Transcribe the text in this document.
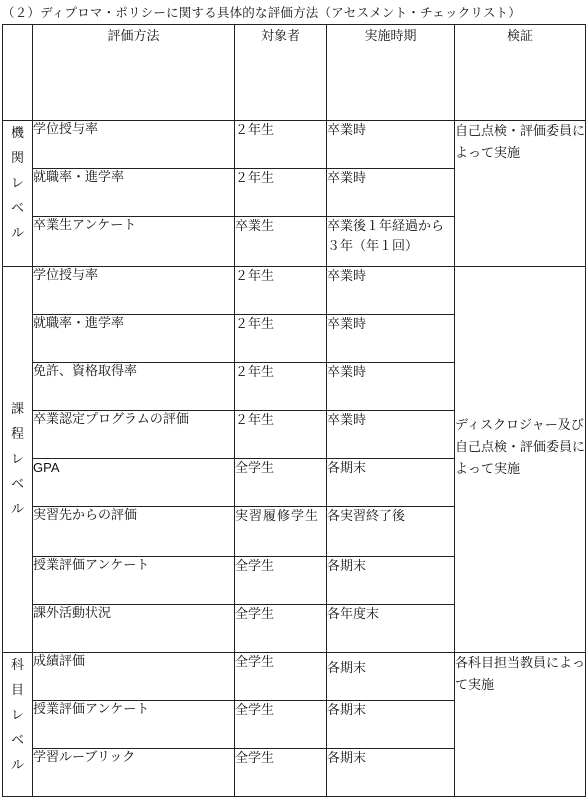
（２）ディプロマ・ポリシーに関する具体的な評価方法（アセスメント・チェックリスト）
	評価方法	対象者	実施時期	検証

機
関
レ
ベ
ル	学位授与率	２年生	卒業時	自己点検・評価委員によって実施
	就職率・進学率	２年生	卒業時	
	卒業生アンケート	卒業生	卒業後１年経過から３年（年１回）	

課
程
レ
ベ
ル	学位授与率	２年生	卒業時	ディスクロジャー及び自己点検・評価委員によって実施
	就職率・進学率	２年生	卒業時	
	免許、資格取得率	２年生	卒業時	
	卒業認定プログラムの評価	２年生	卒業時	
	GPA	全学生	各期末	
	実習先からの評価	実習履修学生	各実習終了後	
	授業評価アンケート	全学生	各期末	
	課外活動状況	全学生	各年度末	

科
目
レ
ベ
ル	成績評価	全学生	各期末	各科目担当教員によって実施
	授業評価アンケート	全学生	各期末	
	学習ルーブリック	全学生	各期末	
